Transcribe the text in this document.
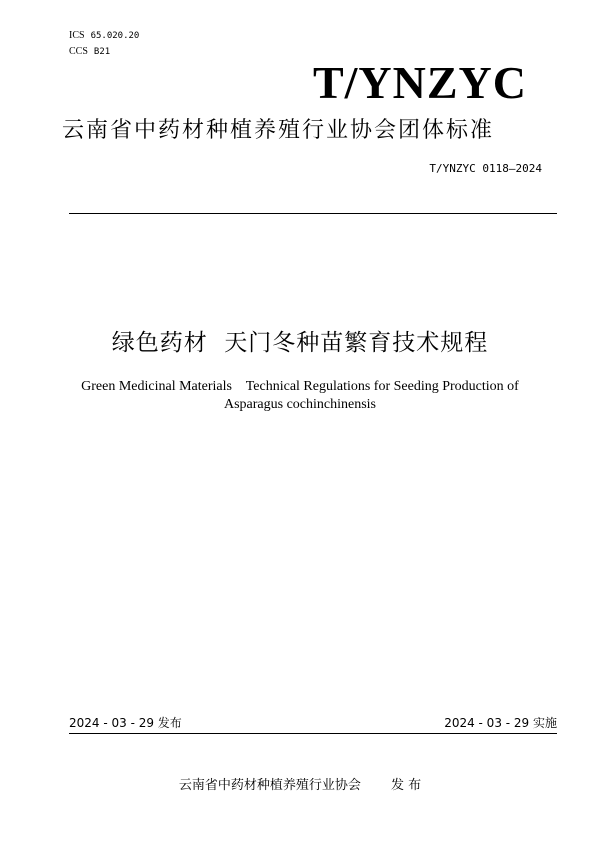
ICS 65.020.20
CCS B21
T/YNZYC
云南省中药材种植养殖行业协会团体标准
T/YNZYC 0118—2024
绿色药材  天门冬种苗繁育技术规程
Green Medicinal Materials    Technical Regulations for Seeding Production of
Asparagus cochinchinensis
2024 - 03 - 29 发布	2024 - 03 - 29 实施
云南省中药材种植养殖行业协会 发 布
